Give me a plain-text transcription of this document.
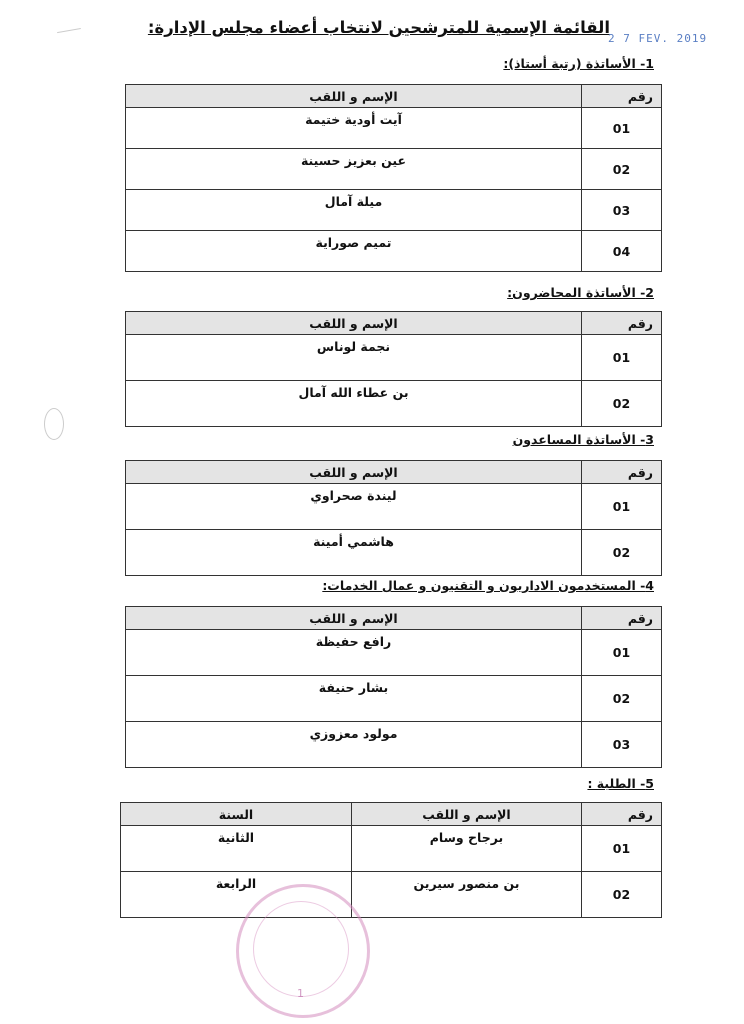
القائمة الإسمية للمترشحين لانتخاب أعضاء مجلس الإدارة:
2 7 FEV. 2019
1- الأساتذة (رتبة أستاذ):
رقم	الإسم و اللقب
01	آيت أودية ختيمة
02	عين بعزيز حسينة
03	ميلة آمال
04	تميم صوراية
2- الأساتذة المحاضرون:
رقم	الإسم و اللقب
01	نجمة لوناس
02	بن عطاء الله آمال
3- الأساتذة المساعدون
رقم	الإسم و اللقب
01	ليندة صحراوي
02	هاشمي أمينة
4- المستخدمون الاداريون و التقنيون و عمال الخدمات:
رقم	الإسم و اللقب
01	رافع حفيظة
02	بشار حنيفة
03	مولود معزوزي
5- الطلبة :
رقم	الإسم و اللقب	السنة
01	برجاح وسام	الثانية
02	بن منصور سيرين	الرابعة
1
